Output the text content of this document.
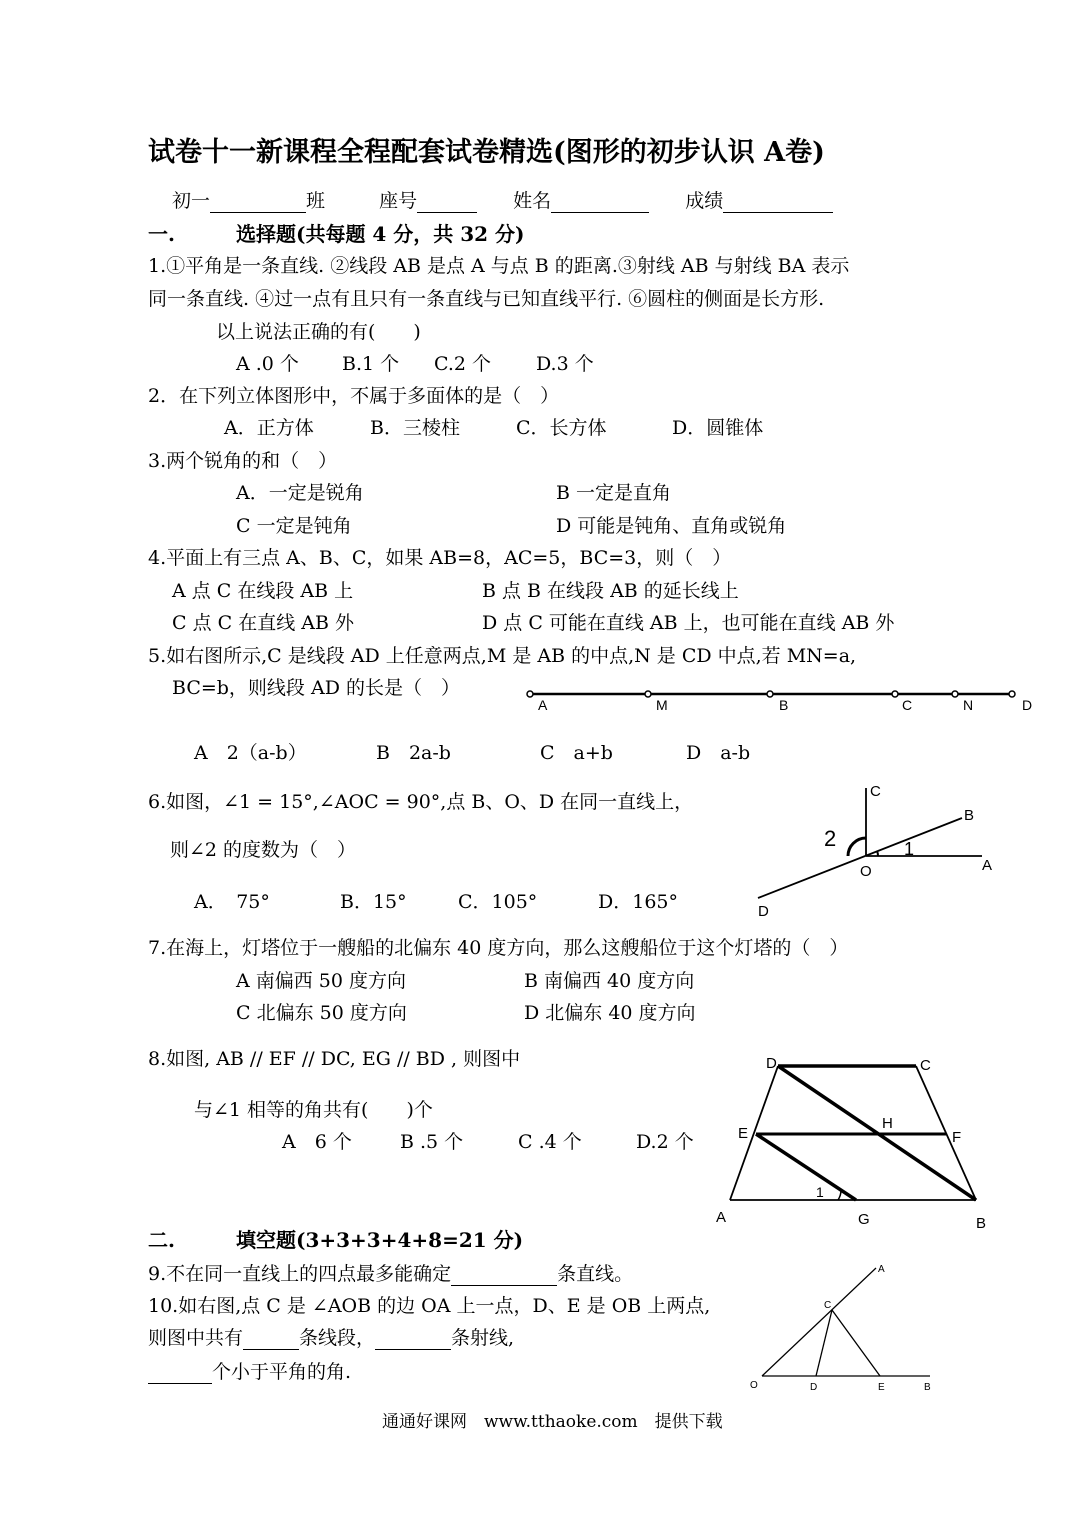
试卷十一新课程全程配套试卷精选(图形的初步认识 A卷)
初一	班	座号	姓名	成绩
一.	选择题(共每题 4 分，共 32 分)
1.①平角是一条直线. ②线段 AB 是点 A 与点 B 的距离.③射线 AB 与射线 BA 表示
同一条直线. ④过一点有且只有一条直线与已知直线平行. ⑥圆柱的侧面是长方形.
以上说法正确的有(　　)
A .0 个 B.1 个 C.2 个 D.3 个
2．在下列立体图形中，不属于多面体的是（　）
A．正方体	B．三棱柱	C．长方体	D．圆锥体
3.两个锐角的和（　）
A．一定是锐角	B 一定是直角
C 一定是钝角	D 可能是钝角、直角或锐角
4.平面上有三点 A、B、C，如果 AB=8，AC=5，BC=3，则（　）
A 点 C 在线段 AB 上	B 点 B 在线段 AB 的延长线上
C 点 C 在直线 AB 外	D 点 C 可能在直线 AB 上，也可能在直线 AB 外
5.如右图所示,C 是线段 AD 上任意两点,M 是 AB 的中点,N 是 CD 中点,若 MN=a,
BC=b，则线段 AD 的长是（　）
A	M	B	C	N	D
A　2（a-b）	B　2a-b	C　a+b	D　a-b
6.如图，∠1 = 15°,∠AOC = 90°,点 B、O、D 在同一直线上，
则∠2 的度数为（　）
A．　75°	B．15°	C．105°	D．165°
C
B
A
O
D
1
2
7.在海上，灯塔位于一艘船的北偏东 40 度方向，那么这艘船位于这个灯塔的（　）
A 南偏西 50 度方向	B 南偏西 40 度方向
C 北偏东 50 度方向	D 北偏东 40 度方向
8.如图, AB // EF // DC, EG // BD , 则图中
与∠1 相等的角共有(　　)个
A　6 个	B .5 个	C .4 个	D.2 个
D	C
E	F
H
A	G	B
1
二.	填空题(3+3+3+4+8=21 分)
9.不在同一直线上的四点最多能确定	条直线。
10.如右图,点 C 是 ∠AOB 的边 OA 上一点，D、E 是 OB 上两点,
则图中共有	条线段，	条射线,
个小于平角的角.
A
C
O	D	E	B
通通好课网　www.tthaoke.com　提供下载
